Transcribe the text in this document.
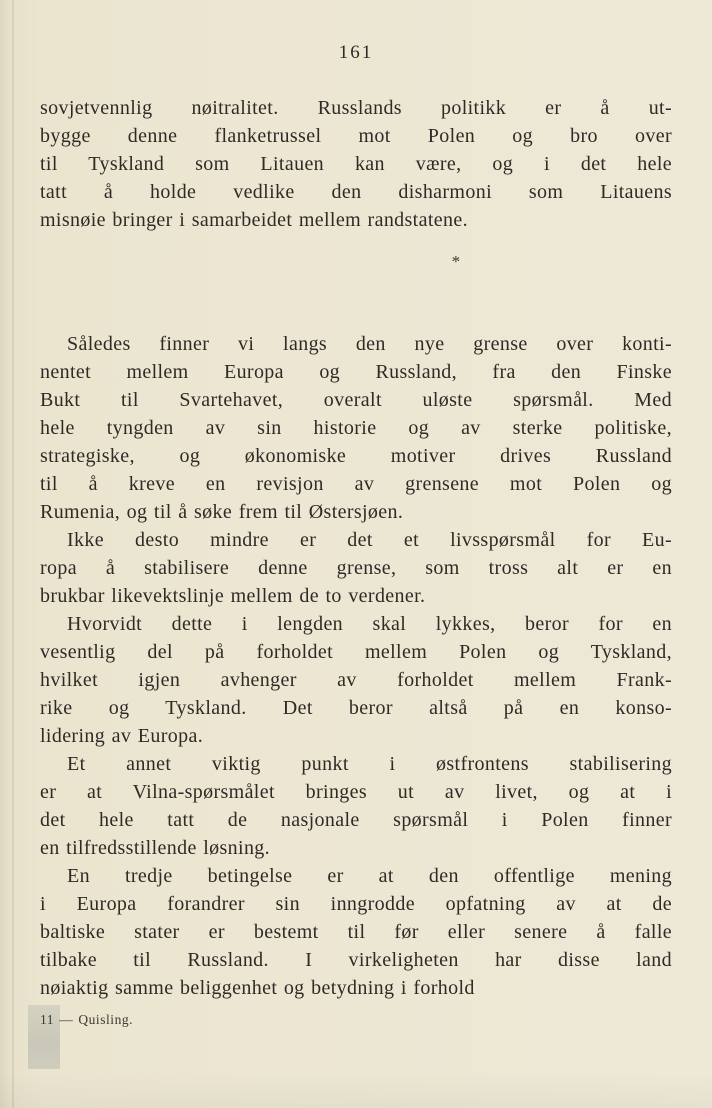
161
sovjetvennlig nøitralitet. Russlands politikk er å ut-
bygge denne flanketrussel mot Polen og bro over
til Tyskland som Litauen kan være, og i det hele
tatt å holde vedlike den disharmoni som Litauens
misnøie bringer i samarbeidet mellem randstatene.
*
Således finner vi langs den nye grense over konti-
nentet mellem Europa og Russland, fra den Finske
Bukt til Svartehavet, overalt uløste spørsmål. Med
hele tyngden av sin historie og av sterke politiske,
strategiske, og økonomiske motiver drives Russland
til å kreve en revisjon av grensene mot Polen og
Rumenia, og til å søke frem til Østersjøen.
Ikke desto mindre er det et livsspørsmål for Eu-
ropa å stabilisere denne grense, som tross alt er en
brukbar likevektslinje mellem de to verdener.
Hvorvidt dette i lengden skal lykkes, beror for en
vesentlig del på forholdet mellem Polen og Tyskland,
hvilket igjen avhenger av forholdet mellem Frank-
rike og Tyskland. Det beror altså på en konso-
lidering av Europa.
Et annet viktig punkt i østfrontens stabilisering
er at Vilna-spørsmålet bringes ut av livet, og at i
det hele tatt de nasjonale spørsmål i Polen finner
en tilfredsstillende løsning.
En tredje betingelse er at den offentlige mening
i Europa forandrer sin inngrodde opfatning av at de
baltiske stater er bestemt til før eller senere å falle
tilbake til Russland. I virkeligheten har disse land
nøiaktig samme beliggenhet og betydning i forhold
11 — Quisling.
